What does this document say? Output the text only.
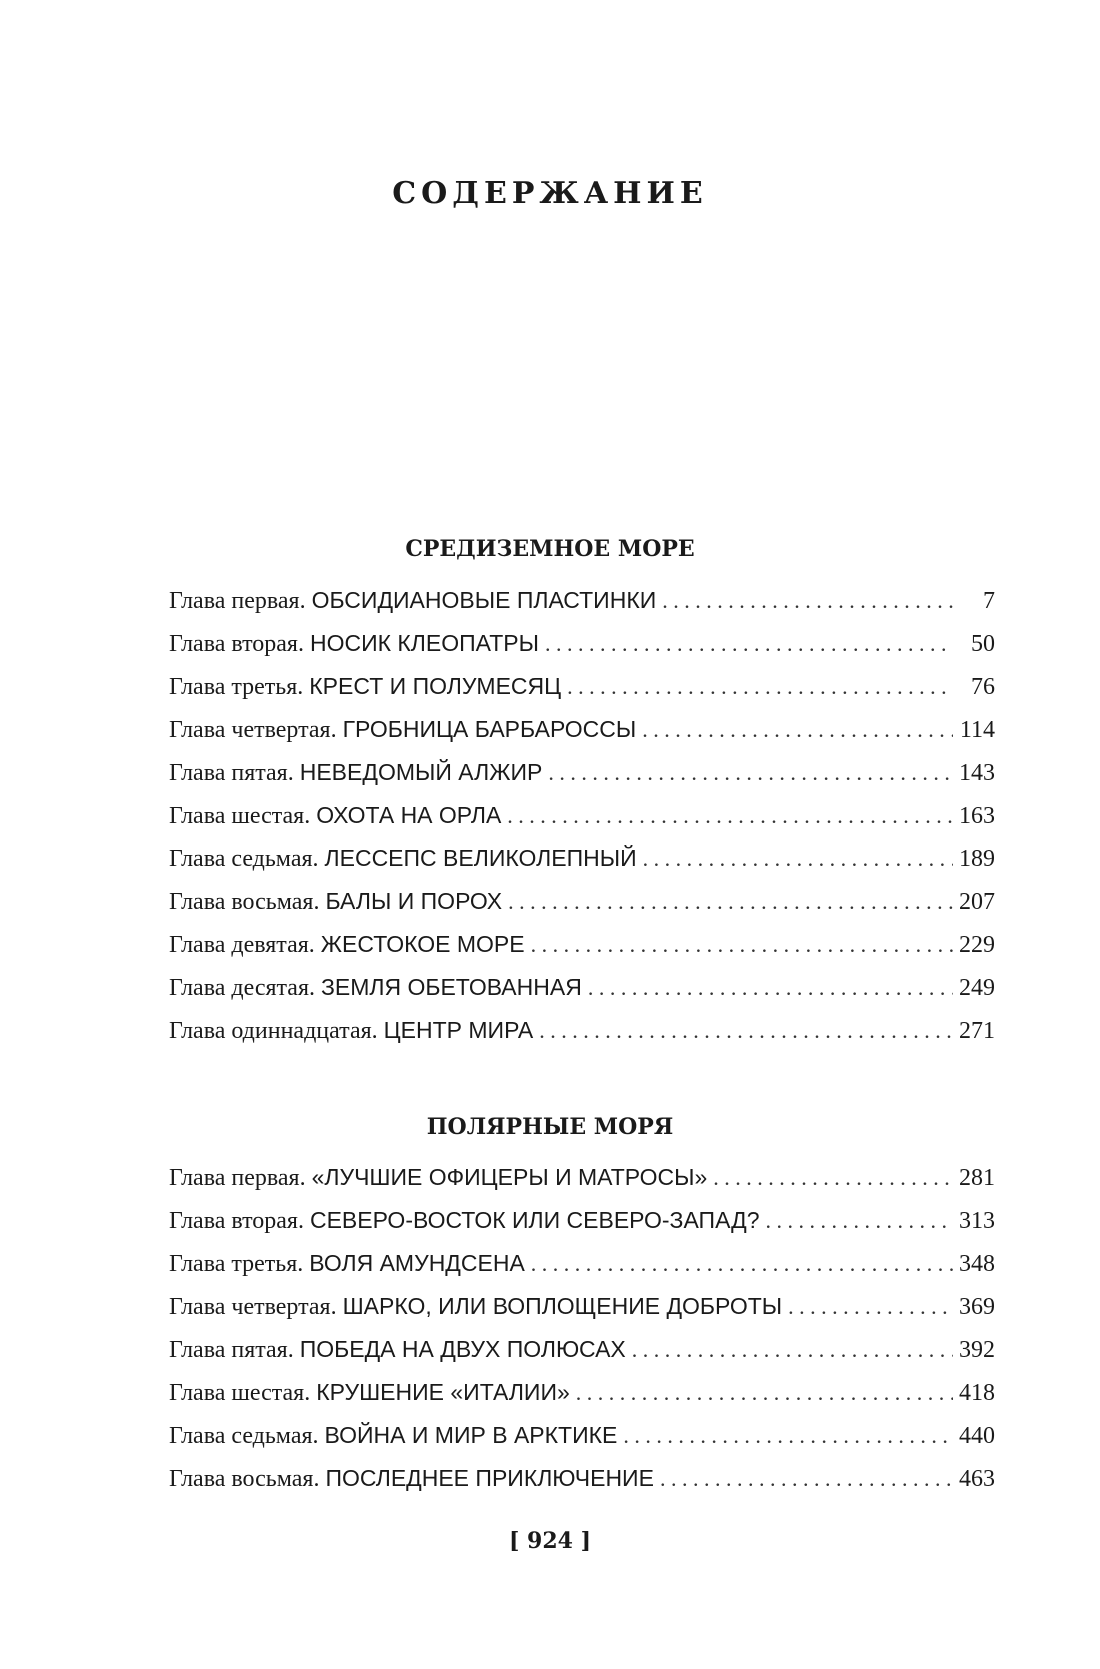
СОДЕРЖАНИЕ
СРЕДИЗЕМНОЕ МОРЕ
Глава первая. ОБСИДИАНОВЫЕ ПЛАСТИНКИ . . .	7
Глава вторая. НОСИК КЛЕОПАТРЫ . . .	50
Глава третья. КРЕСТ И ПОЛУМЕСЯЦ . . .	76
Глава четвертая. ГРОБНИЦА БАРБАРОССЫ . . .	114
Глава пятая. НЕВЕДОМЫЙ АЛЖИР . . .	143
Глава шестая. ОХОТА НА ОРЛА . . .	163
Глава седьмая. ЛЕССЕПС ВЕЛИКОЛЕПНЫЙ . . .	189
Глава восьмая. БАЛЫ И ПОРОХ . . .	207
Глава девятая. ЖЕСТОКОЕ МОРЕ . . .	229
Глава десятая. ЗЕМЛЯ ОБЕТОВАННАЯ . . .	249
Глава одиннадцатая. ЦЕНТР МИРА . . .	271
ПОЛЯРНЫЕ МОРЯ
Глава первая. «ЛУЧШИЕ ОФИЦЕРЫ И МАТРОСЫ» . . .	281
Глава вторая. СЕВЕРО-ВОСТОК ИЛИ СЕВЕРО-ЗАПАД? . . .	313
Глава третья. ВОЛЯ АМУНДСЕНА . . .	348
Глава четвертая. ШАРКО, ИЛИ ВОПЛОЩЕНИЕ ДОБРОТЫ . . .	369
Глава пятая. ПОБЕДА НА ДВУХ ПОЛЮСАХ . . .	392
Глава шестая. КРУШЕНИЕ «ИТАЛИИ» . . .	418
Глава седьмая. ВОЙНА И МИР В АРКТИКЕ . . .	440
Глава восьмая. ПОСЛЕДНЕЕ ПРИКЛЮЧЕНИЕ . . .	463
[ 924 ]
